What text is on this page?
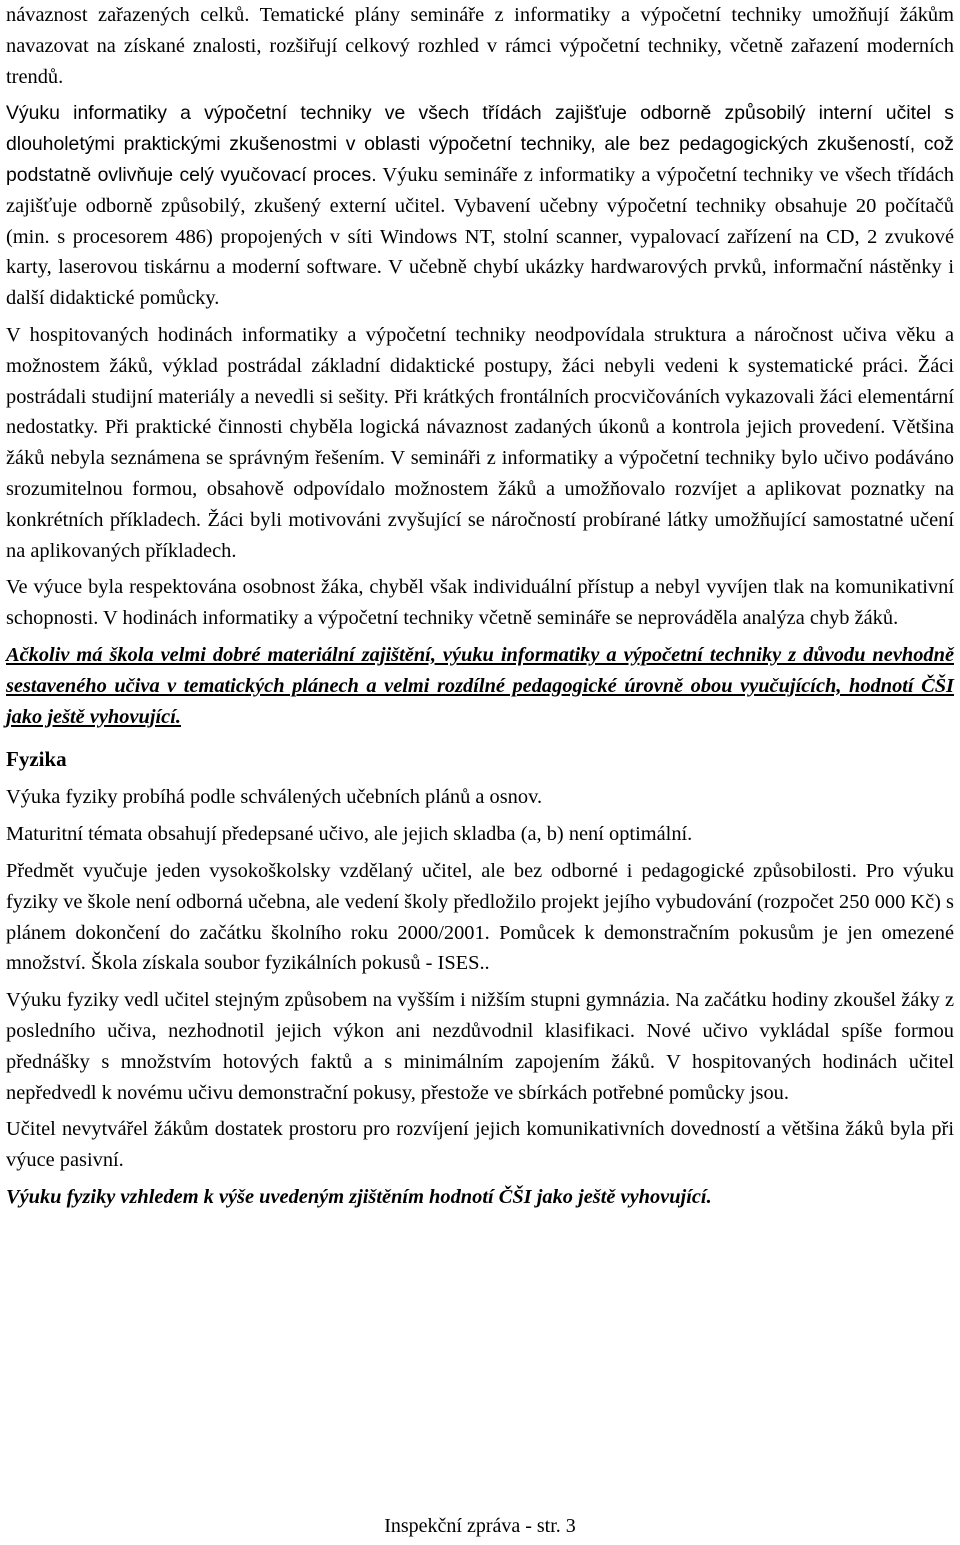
návaznost zařazených celků. Tematické plány semináře z informatiky a výpočetní techniky umožňují žákům navazovat na získané znalosti, rozšiřují celkový rozhled v rámci výpočetní techniky, včetně zařazení moderních trendů.

Výuku informatiky a výpočetní techniky ve všech třídách zajišťuje odborně způsobilý interní učitel s dlouholetými praktickými zkušenostmi v oblasti výpočetní techniky, ale bez pedagogických zkušeností, což podstatně ovlivňuje celý vyučovací proces. Výuku semináře z informatiky a výpočetní techniky ve všech třídách zajišťuje odborně způsobilý, zkušený externí učitel. Vybavení učebny výpočetní techniky obsahuje 20 počítačů (min. s procesorem 486) propojených v síti Windows NT, stolní scanner, vypalovací zařízení na CD, 2 zvukové karty, laserovou tiskárnu a moderní software. V učebně chybí ukázky hardwarových prvků, informační nástěnky i další didaktické pomůcky.

V hospitovaných hodinách informatiky a výpočetní techniky neodpovídala struktura a náročnost učiva věku a možnostem žáků, výklad postrádal základní didaktické postupy, žáci nebyli vedeni k systematické práci. Žáci postrádali studijní materiály a nevedli si sešity. Při krátkých frontálních procvičováních vykazovali žáci elementární nedostatky. Při praktické činnosti chyběla logická návaznost zadaných úkonů a kontrola jejich provedení. Většina žáků nebyla seznámena se správným řešením. V semináři z informatiky a výpočetní techniky bylo učivo podáváno srozumitelnou formou, obsahově odpovídalo možnostem žáků a umožňovalo rozvíjet a aplikovat poznatky na konkrétních příkladech. Žáci byli motivováni zvyšující se náročností probírané látky umožňující samostatné učení na aplikovaných příkladech.

Ve výuce byla respektována osobnost žáka, chyběl však individuální přístup a nebyl vyvíjen tlak na komunikativní schopnosti. V hodinách informatiky a výpočetní techniky včetně semináře se neprováděla analýza chyb žáků.

Ačkoliv má škola velmi dobré materiální zajištění, výuku informatiky a výpočetní techniky z důvodu nevhodně sestaveného učiva v tematických plánech a velmi rozdílné pedagogické úrovně obou vyučujících, hodnotí ČŠI jako ještě vyhovující.

Fyzika

Výuka fyziky probíhá podle schválených učebních plánů a osnov.

Maturitní témata obsahují předepsané učivo, ale jejich skladba (a, b) není optimální.

Předmět vyučuje jeden vysokoškolsky vzdělaný učitel, ale bez odborné i pedagogické způsobilosti. Pro výuku fyziky ve škole není odborná učebna, ale vedení školy předložilo projekt jejího vybudování (rozpočet 250 000 Kč) s plánem dokončení do začátku školního roku 2000/2001. Pomůcek k demonstračním pokusům je jen omezené množství. Škola získala soubor fyzikálních pokusů - ISES..

Výuku fyziky vedl učitel stejným způsobem na vyšším i nižším stupni gymnázia. Na začátku hodiny zkoušel žáky z posledního učiva, nezhodnotil jejich výkon ani nezdůvodnil klasifikaci. Nové učivo vykládal spíše formou přednášky s množstvím hotových faktů a s minimálním zapojením žáků. V hospitovaných hodinách učitel nepředvedl k novému učivu demonstrační pokusy, přestože ve sbírkách potřebné pomůcky jsou.

Učitel nevytvářel žákům dostatek prostoru pro rozvíjení jejich komunikativních dovedností a většina žáků byla při výuce pasivní.

Výuku fyziky vzhledem k výše uvedeným zjištěním hodnotí ČŠI jako ještě vyhovující.

Inspekční zpráva - str. 3
